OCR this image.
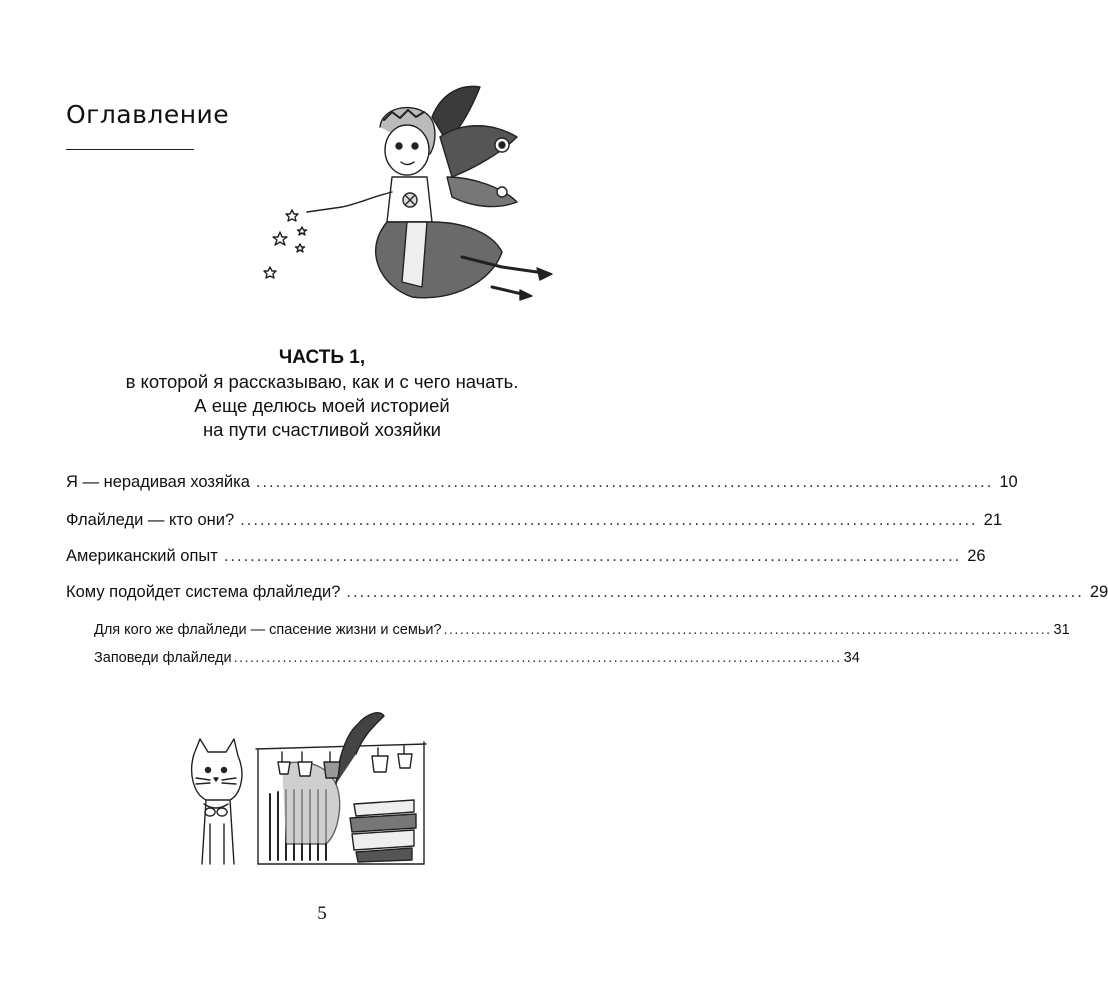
Оглавление
ЧАСТЬ 1,
в которой я рассказываю, как и с чего начать.
А еще делюсь моей историей
на пути счастливой хозяйки
Я — нерадивая хозяйка ................................................................................................................ 10
Флайледи — кто они? ................................................................................................................ 21
Американский опыт ................................................................................................................ 26
Кому подойдет система флайледи? ................................................................................................................ 29
Для кого же флайледи — спасение жизни и семьи? ................................................................................................................ 31
Заповеди флайледи ................................................................................................................ 34
5
